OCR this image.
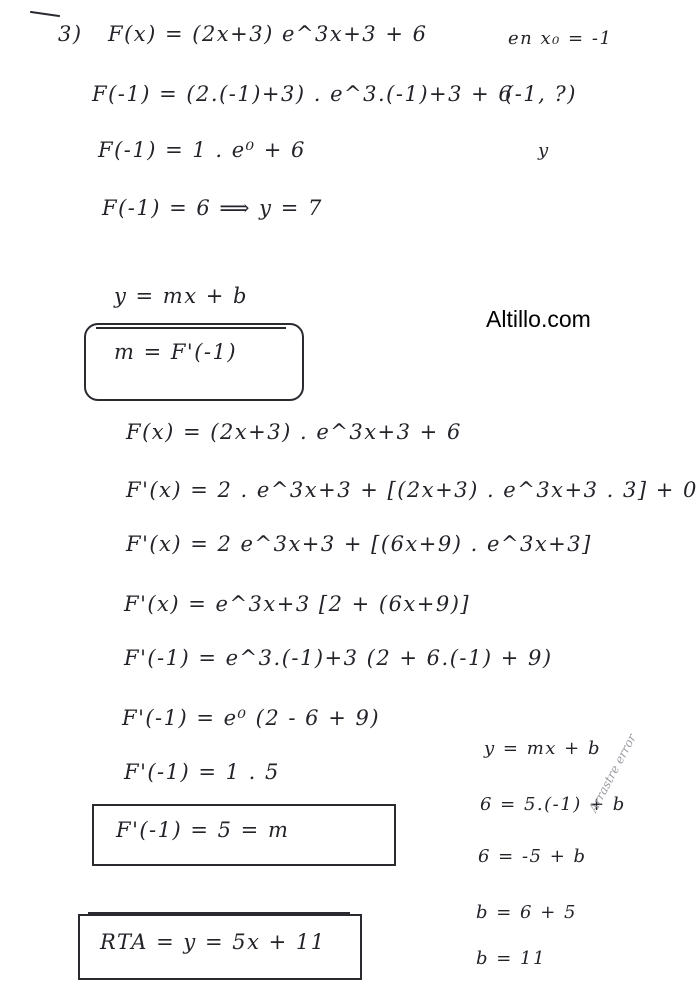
3) F(x) = (2x+3) e^3x+3 + 6	en x₀ = -1
F(-1) = (2.(-1)+3) . e^3.(-1)+3 + 6
F(-1) = 1 . e⁰ + 6
F(-1) = 6 ⟹ y = 7
(-1, ?)
y
y = mx + b
m = F'(-1)
Altillo.com
F(x) = (2x+3) . e^3x+3 + 6
F'(x) = 2 . e^3x+3 + [(2x+3) . e^3x+3 . 3] + 0
F'(x) = 2 e^3x+3 + [(6x+9) . e^3x+3]
F'(x) = e^3x+3 [2 + (6x+9)]
F'(-1) = e^3.(-1)+3 (2 + 6.(-1) + 9)
F'(-1) = e⁰ (2 - 6 + 9)
F'(-1) = 1 . 5
F'(-1) = 5 = m
y = mx + b
6 = 5.(-1) + b
6 = -5 + b
b = 6 + 5
b = 11
Arrastre error
RTA = y = 5x + 11
